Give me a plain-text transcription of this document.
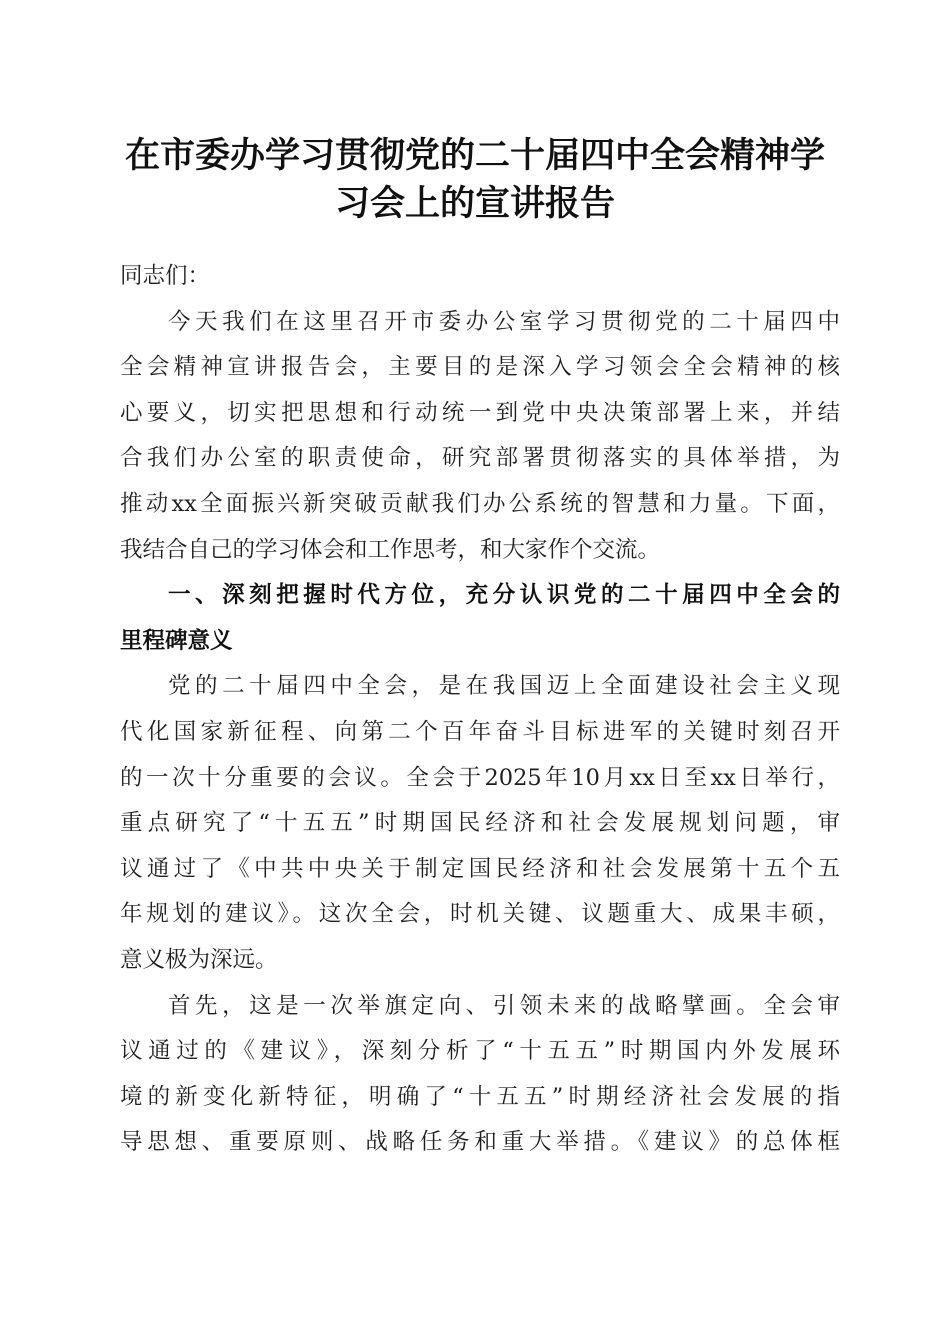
在市委办学习贯彻党的二十届四中全会精神学
习会上的宣讲报告
同志们：
今天我们在这里召开市委办公室学习贯彻党的二十届四中
全会精神宣讲报告会，主要目的是深入学习领会全会精神的核
心要义，切实把思想和行动统一到党中央决策部署上来，并结
合我们办公室的职责使命，研究部署贯彻落实的具体举措，为
推动xx全面振兴新突破贡献我们办公系统的智慧和力量。下面，
我结合自己的学习体会和工作思考，和大家作个交流。
一、深刻把握时代方位，充分认识党的二十届四中全会的
里程碑意义
党的二十届四中全会，是在我国迈上全面建设社会主义现
代化国家新征程、向第二个百年奋斗目标进军的关键时刻召开
的一次十分重要的会议。全会于2025年10月xx日至xx日举行，
重点研究了“十五五”时期国民经济和社会发展规划问题，审
议通过了《中共中央关于制定国民经济和社会发展第十五个五
年规划的建议》。这次全会，时机关键、议题重大、成果丰硕，
意义极为深远。
首先，这是一次举旗定向、引领未来的战略擘画。全会审
议通过的《建议》，深刻分析了“十五五”时期国内外发展环
境的新变化新特征，明确了“十五五”时期经济社会发展的指
导思想、重要原则、战略任务和重大举措。《建议》的总体框
